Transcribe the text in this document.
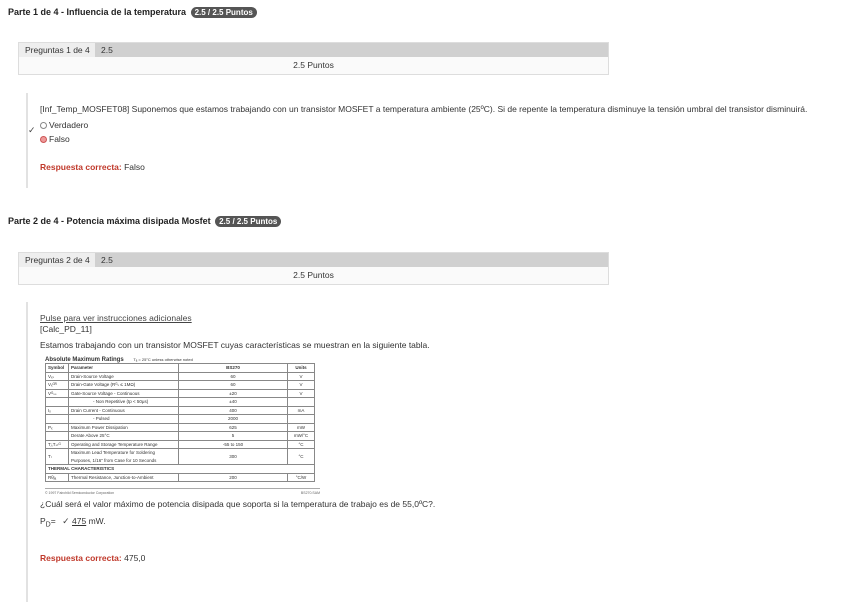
Parte 1 de 4 - Influencia de la temperatura 2.5 / 2.5 Puntos
Preguntas 1 de 4	2.5
2.5 Puntos
[Inf_Temp_MOSFET08] Suponemos que estamos trabajando con un transistor MOSFET a temperatura ambiente (25ºC). Si de repente la temperatura disminuye la tensión umbral del transistor disminuirá.
✓ Verdadero
Falso
Respuesta correcta: Falso
Parte 2 de 4 - Potencia máxima disipada Mosfet 2.5 / 2.5 Puntos
Preguntas 2 de 4	2.5
2.5 Puntos
Pulse para ver instrucciones adicionales
[Calc_PD_11]
Estamos trabajando con un transistor MOSFET cuyas características se muestran en la siguiente tabla.
Absolute Maximum Ratings Tₐ = 25°C unless otherwise noted
Symbol	Parameter	BS270	Units
Vₓₛ	Drain-Source Voltage	60	V
Vₓᴳᴿ	Drain-Gate Voltage (Rᴳₛ ≤ 1MΩ)	60	V
Vᴳₛₛ	Gate-Source Voltage - Continuous	±20	V
	- Non Repetitive (tp < 50μs)	±40	
Iₓ	Drain Current - Continuous	400	mA
	- Pulsed	2000	
Pₓ	Maximum Power Dissipation	625	mW
	Derate Above 25°C	5	mW/°C
Tⱼ,Tₛₜᴳ	Operating and Storage Temperature Range	-55 to 150	°C
Tₗ	Maximum Lead Temperature for Soldering Purposes, 1/16" from Case for 10 Seconds	300	°C
THERMAL CHARACTERISTICS			
Rθⱼₐ	Thermal Resistance, Junction-to-Ambient	200	°C/W
© 1997 Fairchild Semiconductor Corporation	BS270.SAM
¿Cuál será el valor máximo de potencia disipada que soporta si la temperatura de trabajo es de 55,0ºC?.
$P_D=$ ✓ 475 mW.
Respuesta correcta: 475,0
